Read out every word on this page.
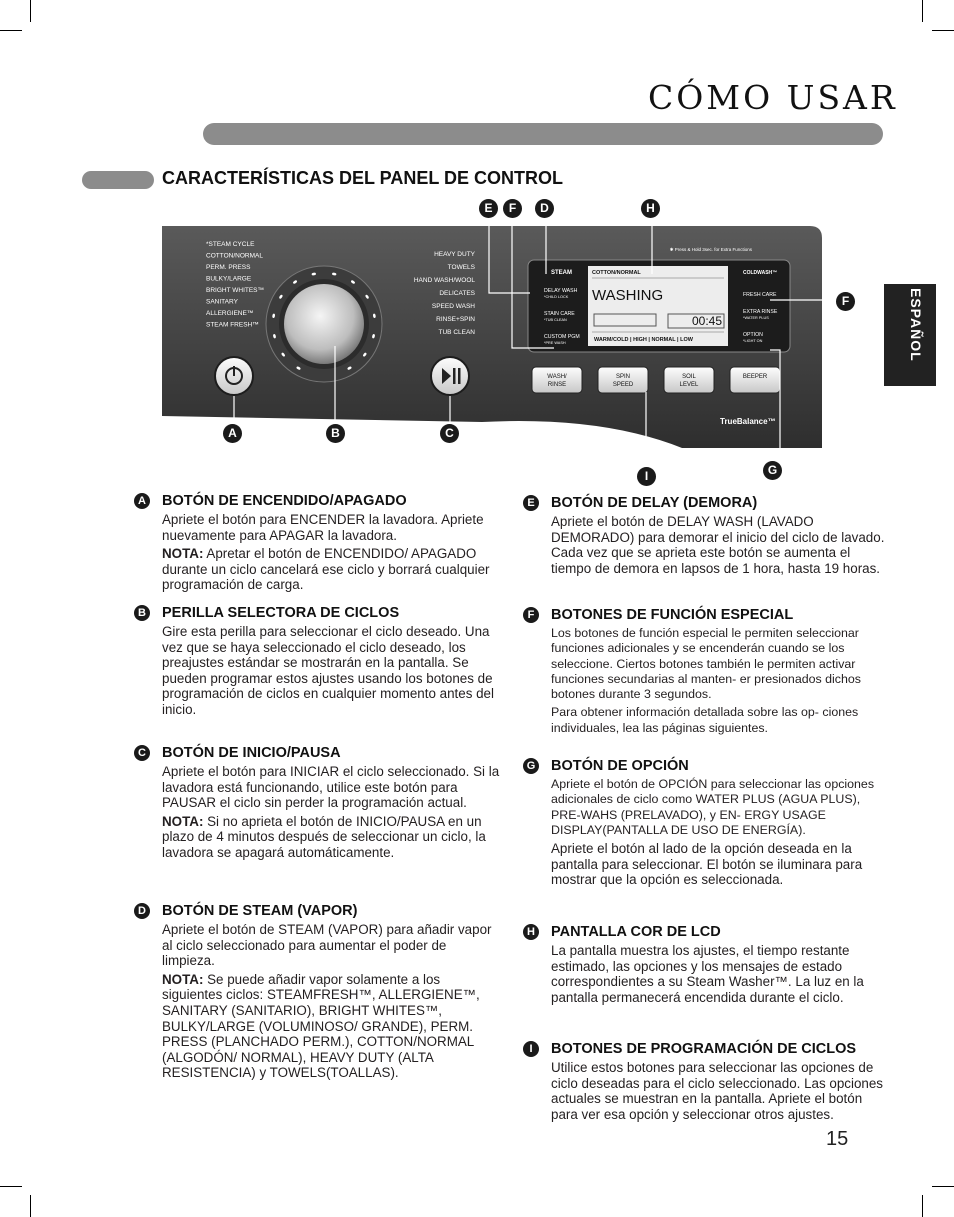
CÓMO USAR
ESPAÑOL
CARACTERÍSTICAS DEL PANEL DE CONTROL
*STEAM CYCLE COTTON/NORMAL PERM. PRESS BULKY/LARGE BRIGHT WHITES™ SANITARY ALLERGIENE™ STEAM FRESH™
HEAVY DUTY TOWELS HAND WASH/WOOL DELICATES SPEED WASH RINSE+SPIN TUB CLEAN
✱ Press & Hold 3sec. for Extra Functions
STEAM
DELAY WASH *CHILD LOCK STAIN CARE *TUB CLEAN CUSTOM PGM *PRE WASH
FRESH CARE EXTRA RINSE *WATER PLUS OPTION *LIGHT ON
COLDWASH™
TrueBalance™
COTTON/NORMAL
WASHING
00:45
WARM/COLD | HIGH | NORMAL | LOW
WASH/ RINSESPIN SPEEDSOIL LEVELBEEPER
E	F	D	H
F
A	B	C
G
I
A BOTÓN DE ENCENDIDO/APAGADO
Apriete el botón para ENCENDER la lavadora. Apriete nuevamente para APAGAR la lavadora.
NOTA: Apretar el botón de ENCENDIDO/ APAGADO durante un ciclo cancelará ese ciclo y borrará cualquier programación de carga.
B PERILLA SELECTORA DE CICLOS
Gire esta perilla para seleccionar el ciclo deseado. Una vez que se haya seleccionado el ciclo deseado, los preajustes estándar se mostrarán en la pantalla. Se pueden programar estos ajustes usando los botones de programación de ciclos en cualquier momento antes del inicio.
C BOTÓN DE INICIO/PAUSA
Apriete el botón para INICIAR el ciclo seleccionado. Si la lavadora está funcionando, utilice este botón para PAUSAR el ciclo sin perder la programación actual.
NOTA: Si no aprieta el botón de INICIO/PAUSA en un plazo de 4 minutos después de seleccionar un ciclo, la lavadora se apagará automáticamente.
D BOTÓN DE STEAM (VAPOR)
Apriete el botón de STEAM (VAPOR) para añadir vapor al ciclo seleccionado para aumentar el poder de limpieza.
NOTA: Se puede añadir vapor solamente a los siguientes ciclos: STEAMFRESH™, ALLERGIENE™, SANITARY (SANITARIO), BRIGHT WHITES™, BULKY/LARGE (VOLUMINOSO/ GRANDE), PERM. PRESS (PLANCHADO PERM.), COTTON/NORMAL (ALGODÓN/ NORMAL), HEAVY DUTY (ALTA RESISTENCIA) y TOWELS(TOALLAS).
E BOTÓN DE DELAY (DEMORA)
Apriete el botón de DELAY WASH (LAVADO DEMORADO) para demorar el inicio del ciclo de lavado. Cada vez que se aprieta este botón se aumenta el tiempo de demora en lapsos de 1 hora, hasta 19 horas.
F	BOTONES DE FUNCIÓN ESPECIAL
Los botones de función especial le permiten seleccionar funciones adicionales y se encenderán cuando se los seleccione. Ciertos botones también le permiten activar funciones secundarias al manten- er presionados dichos botones durante 3 segundos.
Para obtener información detallada sobre las op- ciones individuales, lea las páginas siguientes.
G BOTÓN DE OPCIÓN
Apriete el botón de OPCIÓN para seleccionar las opciones adicionales de ciclo como WATER PLUS (AGUA PLUS), PRE-WAHS (PRELAVADO), y EN- ERGY USAGE DISPLAY(PANTALLA DE USO DE ENERGÍA).
Apriete el botón al lado de la opción deseada en la pantalla para seleccionar. El botón se iluminara para mostrar que la opción es seleccionada.
H PANTALLA COR DE LCD
La pantalla muestra los ajustes, el tiempo restante estimado, las opciones y los mensajes de estado correspondientes a su Steam Washer™. La luz en la pantalla permanecerá encendida durante el ciclo.
I	BOTONES DE PROGRAMACIÓN DE CICLOS
Utilice estos botones para seleccionar las opciones de ciclo deseadas para el ciclo seleccionado. Las opciones actuales se muestran en la pantalla. Apriete el botón para ver esa opción y seleccionar otros ajustes.
15
